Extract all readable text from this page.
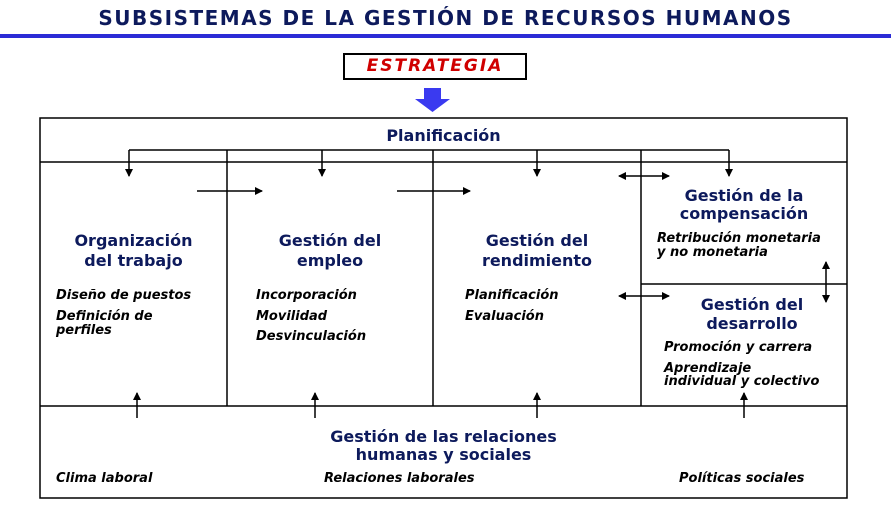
SUBSISTEMAS DE LA GESTIÓN DE RECURSOS HUMANOS
ESTRATEGIA
Planificación
Organización
del trabajo
Diseño de puestos
Definición de
perfiles
Gestión del
empleo
Incorporación
Movilidad
Desvinculación
Gestión del
rendimiento
Planificación
Evaluación
Gestión de la
compensación
Retribución monetaria
y no monetaria
Gestión del
desarrollo
Promoción y carrera
Aprendizaje
individual y colectivo
Gestión de las relaciones
humanas y sociales
Clima laboral	Relaciones laborales	Políticas sociales
